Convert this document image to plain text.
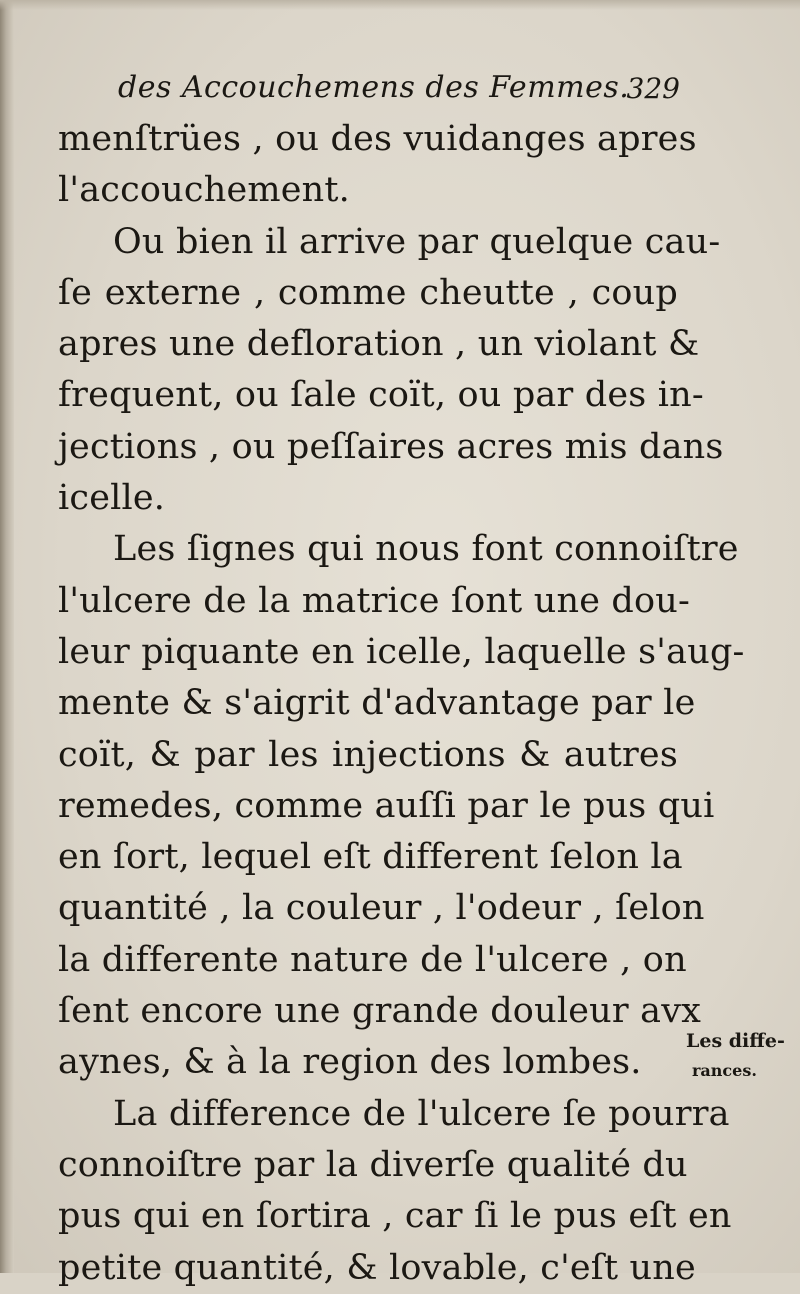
des Accouchemens des Femmes.
329
menſtrües , ou des vuidanges apres
l'accouchement.
Ou bien il arrive par quelque cau-
ſe externe , comme cheutte , coup
apres une defloration , un violant &
frequent, ou ſale coït, ou par des in-
jections , ou peſſaires acres mis dans
icelle.
Les ſignes qui nous font connoiſtre
l'ulcere de la matrice ſont une dou-
leur piquante en icelle, laquelle s'aug-
mente & s'aigrit d'advantage par le
coït, & par les injections & autres
remedes, comme auſſi par le pus qui
en ſort, lequel eſt different ſelon la
quantité , la couleur , l'odeur , ſelon
la differente nature de l'ulcere , on
ſent encore une grande douleur avx
aynes, & à la region des lombes.
La difference de l'ulcere ſe pourra
connoiſtre par la diverſe qualité du
pus qui en ſortira , car ſi le pus eſt en
petite quantité, & lovable, c'eſt une
Les diffe-
rances.
